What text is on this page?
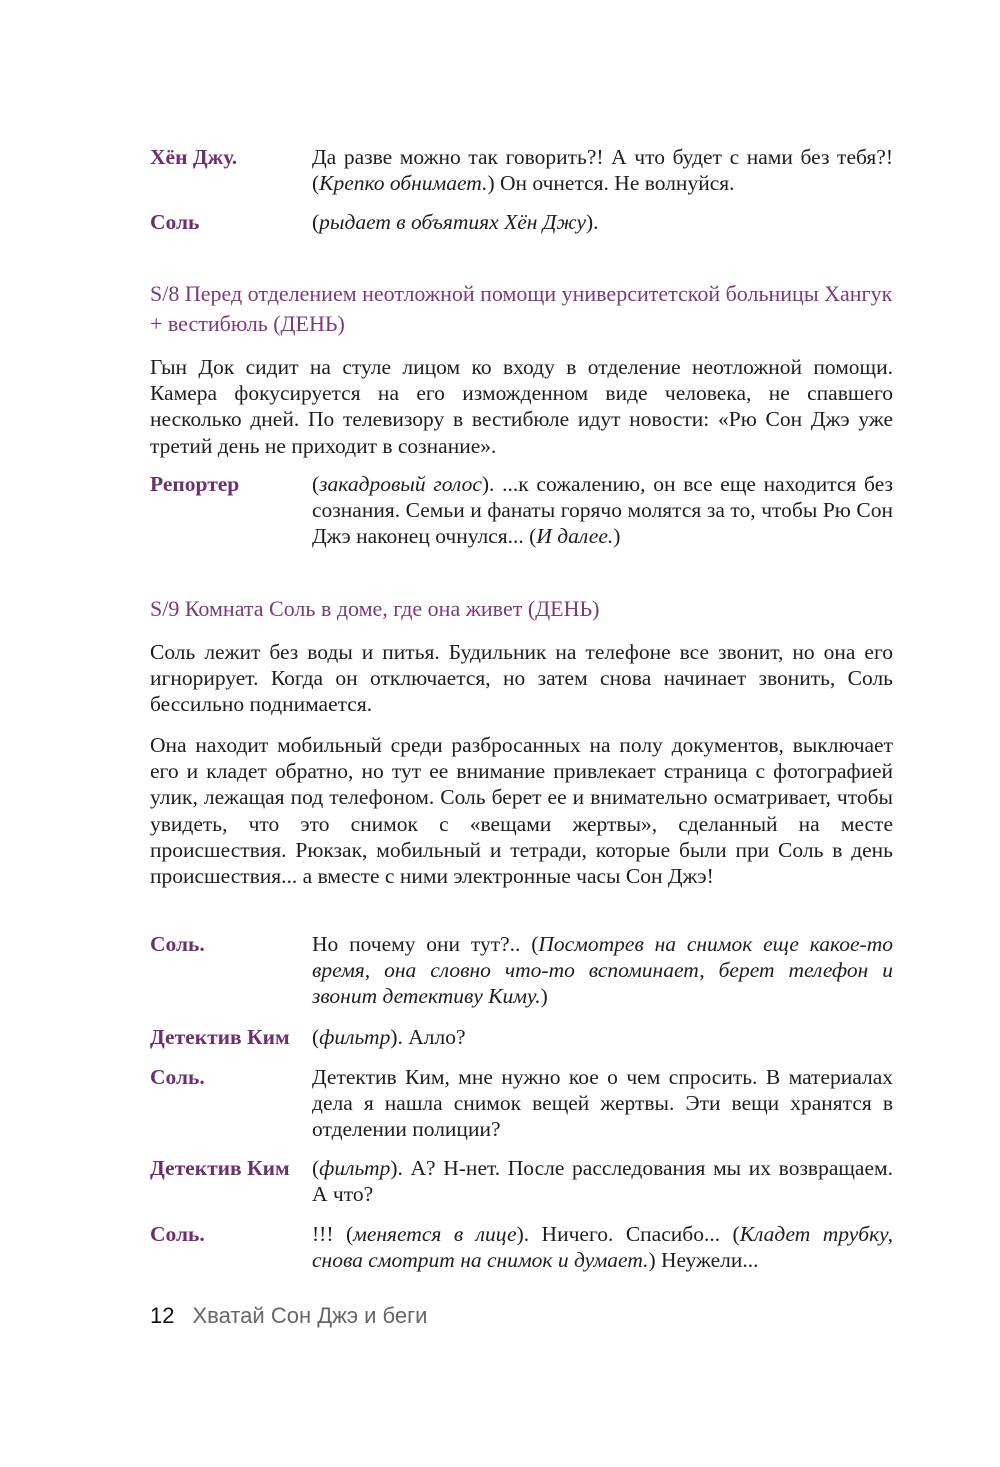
Хён Джу.	Да разве можно так говорить?! А что будет с нами без тебя?! (Крепко обнимает.) Он очнется. Не волнуйся.
Соль	(рыдает в объятиях Хён Джу).
S/8 Перед отделением неотложной помощи университетской больницы Хангук + вестибюль (ДЕНЬ)
Гын Док сидит на стуле лицом ко входу в отделение неотложной помощи. Камера фокусируется на его изможденном виде человека, не спавшего несколько дней. По телевизору в вестибюле идут новости: «Рю Сон Джэ уже третий день не приходит в сознание».
Репортер	(закадровый голос). ...к сожалению, он все еще находится без сознания. Семьи и фанаты горячо молятся за то, чтобы Рю Сон Джэ наконец очнулся... (И далее.)
S/9 Комната Соль в доме, где она живет (ДЕНЬ)
Соль лежит без воды и питья. Будильник на телефоне все звонит, но она его игнорирует. Когда он отключается, но затем снова начинает звонить, Соль бессильно поднимается.
Она находит мобильный среди разбросанных на полу документов, выключает его и кладет обратно, но тут ее внимание привлекает страница с фотографией улик, лежащая под телефоном. Соль берет ее и внимательно осматривает, чтобы увидеть, что это снимок с «вещами жертвы», сделанный на месте происшествия. Рюкзак, мобильный и тетради, которые были при Соль в день происшествия... а вместе с ними электронные часы Сон Джэ!
Соль.	Но почему они тут?.. (Посмотрев на снимок еще какое-то время, она словно что-то вспоминает, берет телефон и звонит детективу Киму.)
Детектив Ким	(фильтр). Алло?
Соль.	Детектив Ким, мне нужно кое о чем спросить. В материалах дела я нашла снимок вещей жертвы. Эти вещи хранятся в отделении полиции?
Детектив Ким	(фильтр). А? Н-нет. После расследования мы их возвращаем. А что?
Соль.	!!! (меняется в лице). Ничего. Спасибо... (Кладет трубку, снова смотрит на снимок и думает.) Неужели...
12 Хватай Сон Джэ и беги
